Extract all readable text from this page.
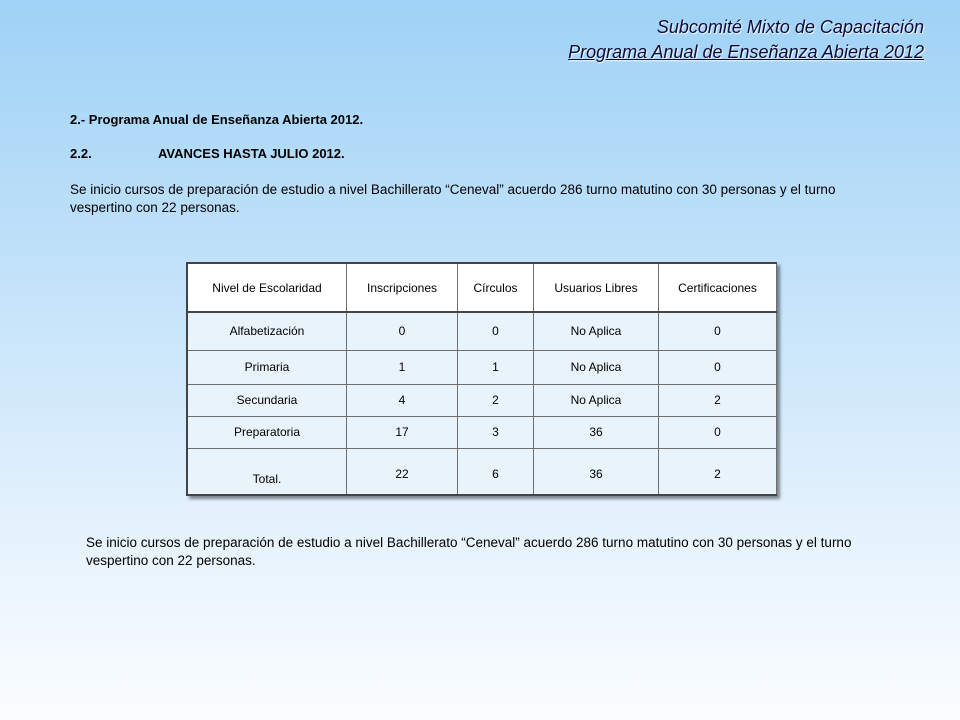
Subcomité Mixto de Capacitación
Programa Anual de Enseñanza Abierta 2012
2.- Programa Anual de Enseñanza Abierta 2012.
2.2.	AVANCES HASTA JULIO 2012.
Se inicio cursos de preparación de estudio a nivel Bachillerato “Ceneval” acuerdo 286 turno matutino con 30 personas y el turno vespertino con 22 personas.
Nivel de Escolaridad	Inscripciones	Círculos	Usuarios Libres	Certificaciones
Alfabetización	0	0	No Aplica	0
Primaria	1	1	No Aplica	0
Secundaria	4	2	No Aplica	2
Preparatoria	17	3	36	0
Total.	22	6	36	2
Se inicio cursos de preparación de estudio a nivel Bachillerato “Ceneval” acuerdo 286 turno matutino con 30 personas y el turno vespertino con 22 personas.
